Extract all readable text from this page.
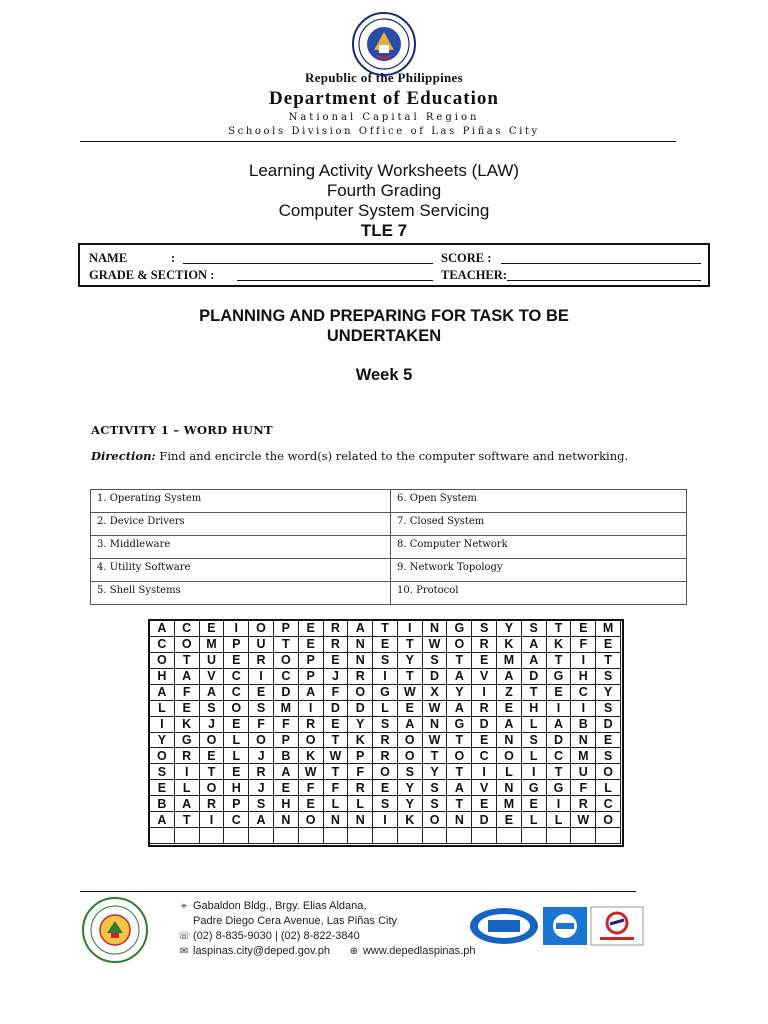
Republic of the Philippines
Department of Education
National Capital Region
Schools Division Office of Las Piñas City
Learning Activity Worksheets (LAW)
Fourth Grading
Computer System Servicing
TLE 7
NAME	:	SCORE :
GRADE & SECTION :	TEACHER:
PLANNING AND PREPARING FOR TASK TO BE
UNDERTAKEN
Week 5
ACTIVITY 1 – WORD HUNT
Direction: Find and encircle the word(s) related to the computer software and networking.
1. Operating System	6. Open System
2. Device Drivers	7. Closed System
3. Middleware	8. Computer Network
4. Utility Software	9. Network Topology
5. Shell Systems	10. Protocol
A	C	E	I	O	P	E	R	A	T	I	N	G	S	Y	S	T	E	M
C	O	M	P	U	T	E	R	N	E	T	W	O	R	K	A	K	F	E
O	T	U	E	R	O	P	E	N	S	Y	S	T	E	M	A	T	I	T
H	A	V	C	I	C	P	J	R	I	T	D	A	V	A	D	G	H	S
A	F	A	C	E	D	A	F	O	G	W	X	Y	I	Z	T	E	C	Y
L	E	S	O	S	M	I	D	D	L	E	W	A	R	E	H	I	I	S
I	K	J	E	F	F	R	E	Y	S	A	N	G	D	A	L	A	B	D
Y	G	O	L	O	P	O	T	K	R	O	W	T	E	N	S	D	N	E
O	R	E	L	J	B	K	W	P	R	O	T	O	C	O	L	C	M	S
S	I	T	E	R	A	W	T	F	O	S	Y	T	I	L	I	T	U	O
E	L	O	H	J	E	F	F	R	E	Y	S	A	V	N	G	G	F	L
B	A	R	P	S	H	E	L	L	S	Y	S	T	E	M	E	I	R	C
A	T	I	C	A	N	O	N	N	I	K	O	N	D	E	L	L	W	O
⌖ Gabaldon Bldg., Brgy. Elias Aldana,
Padre Diego Cera Avenue, Las Piñas City
☏ (02) 8-835-9030 | (02) 8-822-3840
✉ laspinas.city@deped.gov.ph ⊕ www.depedlaspinas.ph
